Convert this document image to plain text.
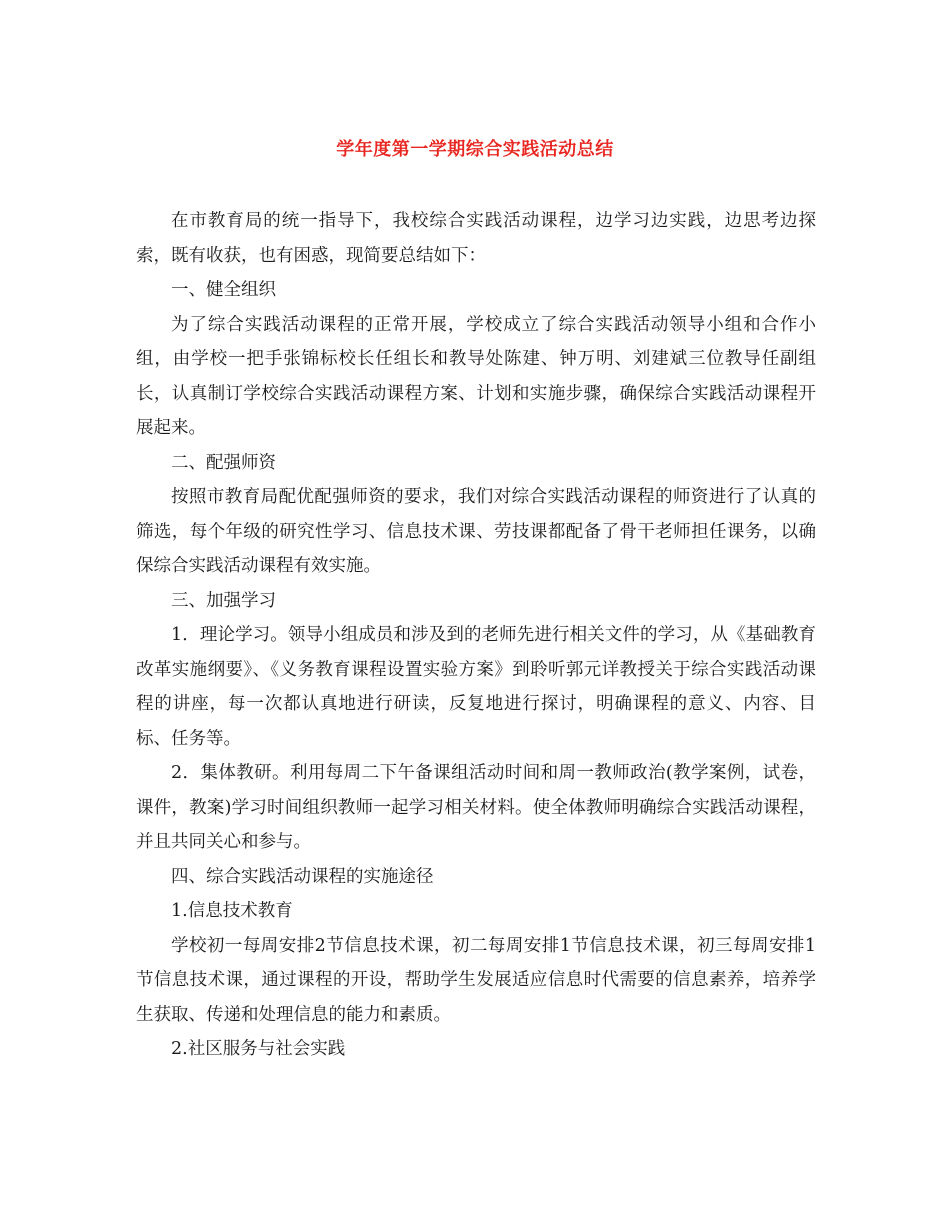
学年度第一学期综合实践活动总结

在市教育局的统一指导下，我校综合实践活动课程，边学习边实践，边思考边探索，既有收获，也有困惑，现简要总结如下：

一、健全组织

为了综合实践活动课程的正常开展，学校成立了综合实践活动领导小组和合作小组，由学校一把手张锦标校长任组长和教导处陈建、钟万明、刘建斌三位教导任副组长，认真制订学校综合实践活动课程方案、计划和实施步骤，确保综合实践活动课程开展起来。

二、配强师资

按照市教育局配优配强师资的要求，我们对综合实践活动课程的师资进行了认真的筛选，每个年级的研究性学习、信息技术课、劳技课都配备了骨干老师担任课务，以确保综合实践活动课程有效实施。

三、加强学习

1．理论学习。领导小组成员和涉及到的老师先进行相关文件的学习，从《基础教育改革实施纲要》、《义务教育课程设置实验方案》到聆听郭元详教授关于综合实践活动课程的讲座，每一次都认真地进行研读，反复地进行探讨，明确课程的意义、内容、目标、任务等。

2．集体教研。利用每周二下午备课组活动时间和周一教师政治(教学案例，试卷，课件，教案)学习时间组织教师一起学习相关材料。使全体教师明确综合实践活动课程，并且共同关心和参与。

四、综合实践活动课程的实施途径

1.信息技术教育

学校初一每周安排2节信息技术课，初二每周安排1节信息技术课，初三每周安排1节信息技术课，通过课程的开设，帮助学生发展适应信息时代需要的信息素养，培养学生获取、传递和处理信息的能力和素质。

2.社区服务与社会实践
